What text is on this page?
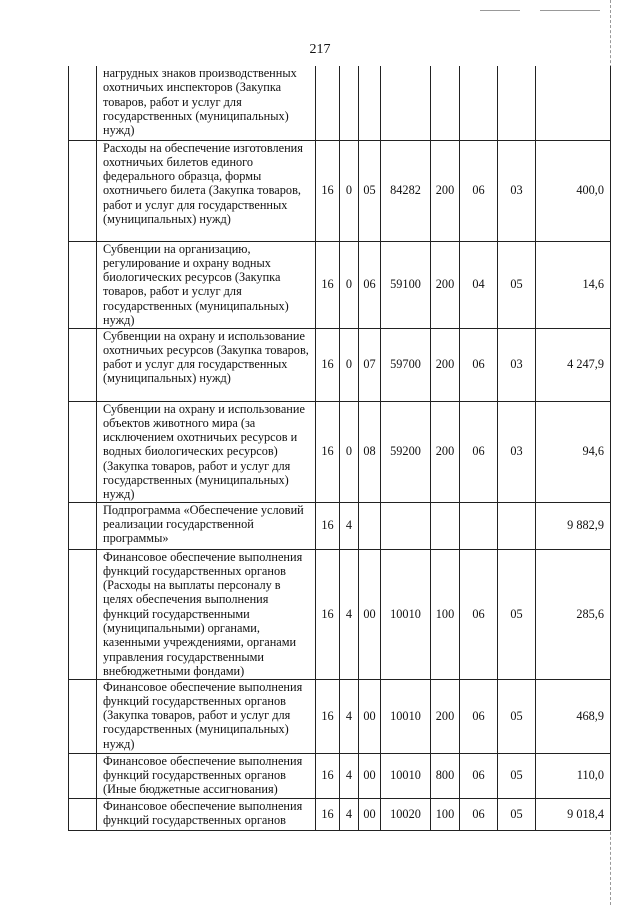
217
	нагрудных знаков производственных охотничьих инспекторов (Закупка товаров, работ и услуг для государственных (муниципальных) нужд)								
	Расходы на обеспечение изготовления охотничьих билетов единого федерального образца, формы охотничьего билета (Закупка товаров, работ и услуг для государственных (муниципальных) нужд)	16	0	05	84282	200	06	03	400,0
	Субвенции на организацию, регулирование и охрану водных биологических ресурсов (Закупка товаров, работ и услуг для государственных (муниципальных) нужд)	16	0	06	59100	200	04	05	14,6
	Субвенции на охрану и использование охотничьих ресурсов (Закупка товаров, работ и услуг для государственных (муниципальных) нужд)	16	0	07	59700	200	06	03	4 247,9
	Субвенции на охрану и использование объектов животного мира (за исключением охотничьих ресурсов и водных биологических ресурсов) (Закупка товаров, работ и услуг для государственных (муниципальных) нужд)	16	0	08	59200	200	06	03	94,6
	Подпрограмма «Обеспечение условий реализации государственной программы»	16	4						9 882,9
	Финансовое обеспечение выполнения функций государственных органов (Расходы на выплаты персоналу в целях обеспечения выполнения функций государственными (муниципальными) органами, казенными учреждениями, органами управления государственными внебюджетными фондами)	16	4	00	10010	100	06	05	285,6
	Финансовое обеспечение выполнения функций государственных органов (Закупка товаров, работ и услуг для государственных (муниципальных) нужд)	16	4	00	10010	200	06	05	468,9
	Финансовое обеспечение выполнения функций государственных органов (Иные бюджетные ассигнования)	16	4	00	10010	800	06	05	110,0
	Финансовое обеспечение выполнения функций государственных органов	16	4	00	10020	100	06	05	9 018,4
